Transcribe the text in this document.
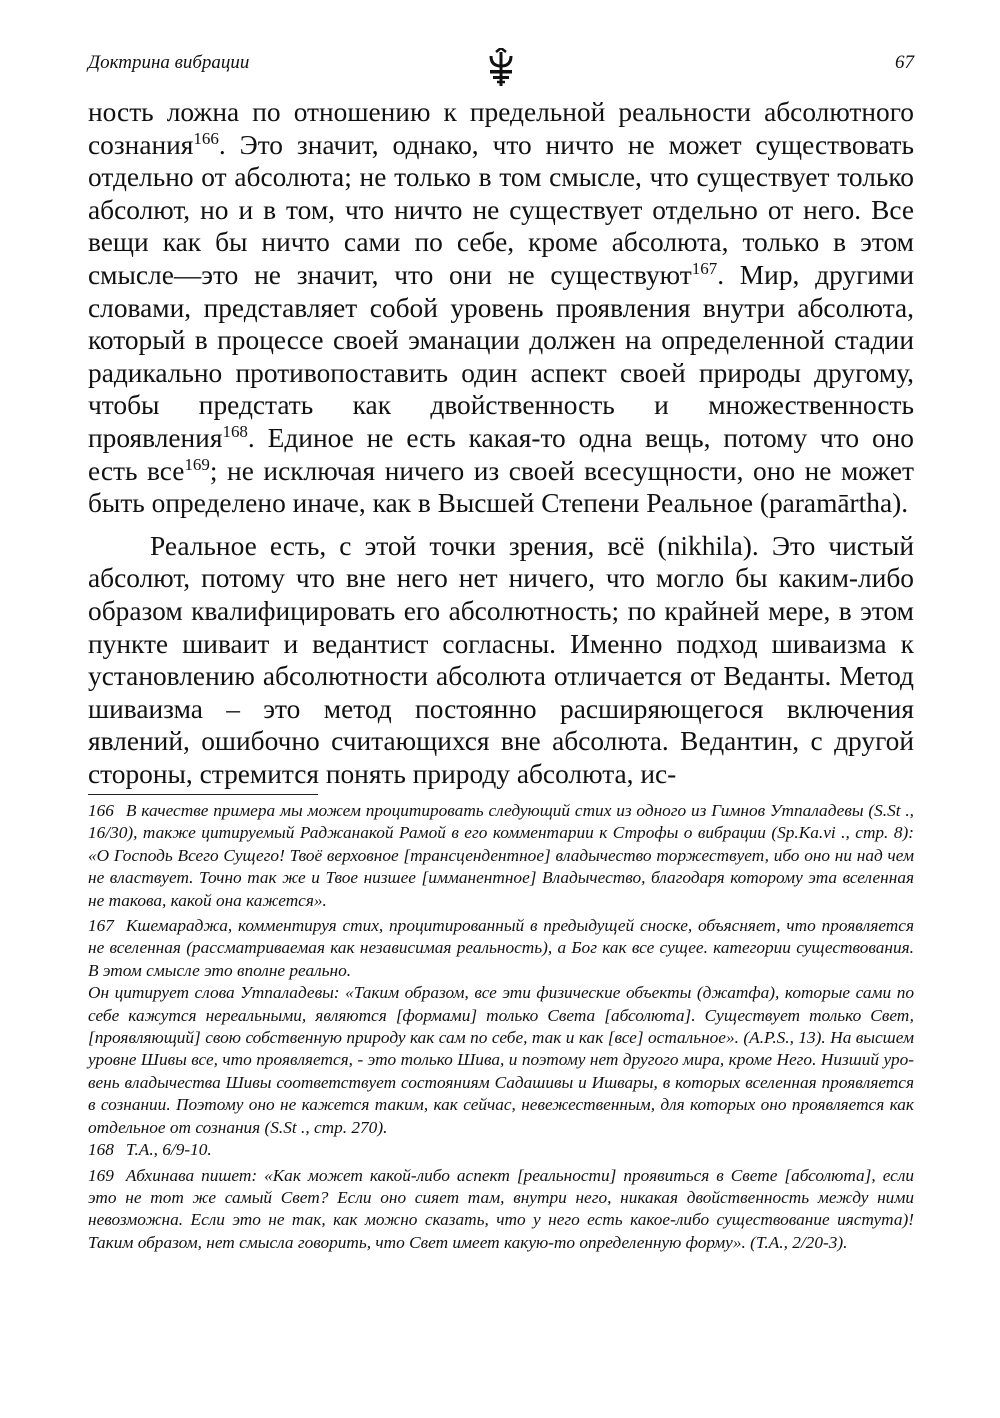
Доктрина вибрации	67

ность ложна по отношению к предельной реальности абсолютного сознания$^{166}$. Это значит, однако, что ничто не может существовать отдельно от абсолюта; не только в том смысле, что существует только абсолют, но и в том, что ничто не существует отдельно от него. Все вещи как бы ничто сами по себе, кроме абсолюта, только в этом смысле—это не значит, что они не существуют$^{167}$. Мир, другими словами, представляет собой уровень проявления внутри абсолюта, который в процессе своей эманации должен на определенной стадии радикально противопоставить один аспект своей природы другому, чтобы предстать как двойственность и множественность проявления$^{168}$. Единое не есть какая-то одна вещь, потому что оно есть все$^{169}$; не исключая ничего из своей всесущности, оно не может быть определено иначе, как в Высшей Степени Реальное (paramārtha).

Реальное есть, с этой точки зрения, всё (nikhila). Это чистый абсолют, потому что вне него нет ничего, что могло бы каким-либо образом квалифицировать его абсолютность; по крайней мере, в этом пункте шиваит и ведантист согласны. Именно подход шиваизма к установлению абсолютности абсолюта отличается от Веданты. Метод шиваизма – это метод постоянно расширяющегося включения явлений, ошибочно считающихся вне абсолюта. Ведантин, с другой стороны, стремится понять природу абсолюта, ис-

166 В качестве примера мы можем процитировать следующий стих из одного из Гимнов Утпаладевы (S.St ., 16/30), также цитируемый Раджанакой Рамой в его комментарии к Строфы о вибрации (Sp.Ka.vi ., стр. 8): «О Господь Всего Сущего! Твоё верховное [трансцендентное] владычество торжествует, ибо оно ни над чем не властвует. Точно так же и Твое низшее [имманентное] Владычество, благодаря которому эта вселенная не такова, какой она кажется».

167 Кшемараджа, комментируя стих, процитированный в предыдущей сноске, объясняет, что проявляется не вселенная (рассматриваемая как независимая реальность), а Бог как все сущее. категории существования. В этом смысле это вполне реально.

Он цитирует слова Утпаладевы: «Таким образом, все эти физические объекты (джатфа), которые сами по себе кажутся нереальными, являются [формами] только Света [абсолюта]. Существует только Свет, [проявляющий] свою собственную природу как сам по себе, так и как [все] остальное». (A.P.S., 13). На высшем уровне Шивы все, что проявляется, - это только Шива, и поэтому нет другого мира, кроме Него. Низший уровень владычества Шивы соответствует состояниям Садашивы и Ишвары, в которых вселенная проявляется в сознании. Поэтому оно не кажется таким, как сейчас, невежественным, для которых оно проявляется как отдельное от сознания (S.St ., стр. 270).

168 Т.А., 6/9-10.

169 Абхинава пишет: «Как может какой-либо аспект [реальности] проявиться в Свете [абсолюта], если это не тот же самый Свет? Если оно сияет там, внутри него, никакая двойственность между ними невозможна. Если это не так, как можно сказать, что у него есть какое-либо существование иястута)! Таким образом, нет смысла говорить, что Свет имеет какую-то определенную форму». (Т.А., 2/20-3).
